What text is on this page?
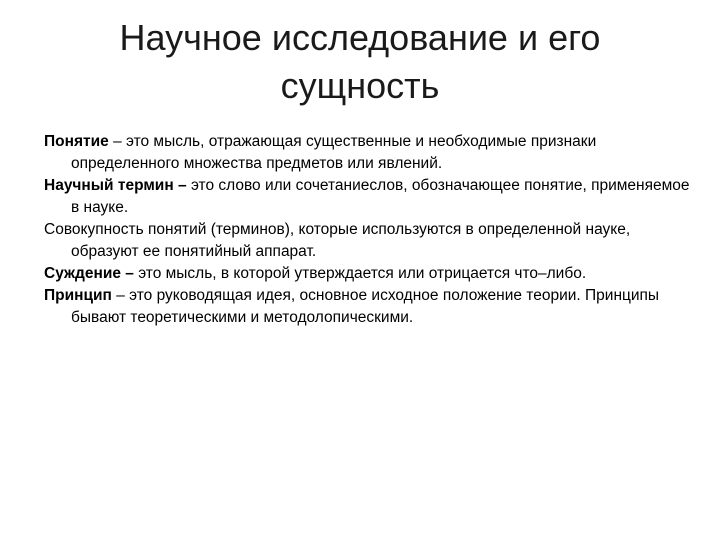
Научное исследование и его
сущность

Понятие – это мысль, отражающая существенные и необходимые признаки определенного множества предметов или явлений.

Научный термин – это слово или сочетаниеслов, обозначающее понятие, применяемое в науке.

Совокупность понятий (терминов), которые используются в определенной науке, образуют ее понятийный аппарат.

Суждение – это мысль, в которой утверждается или отрицается что–либо.

Принцип – это руководящая идея, основное исходное положение теории. Принципы бывают теоретическими и методолопическими.
